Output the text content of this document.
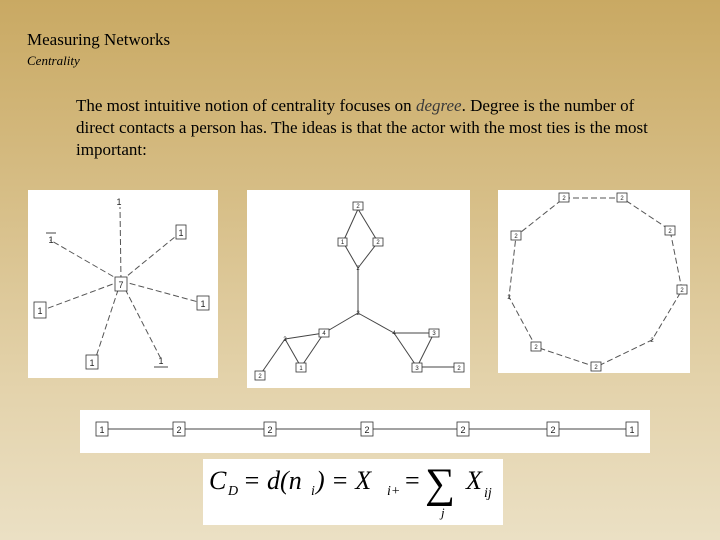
Measuring Networks
Centrality
The most intuitive notion of centrality focuses on degree. Degree is the number of direct contacts a person has. The ideas is that the actor with the most ties is the most important:
7
1
1
1
1
1
1	1
2
1	2
2
2
4
3
1
2
4	3
3	2
2	2
2
2
2
2
2
2
2
1	2	2	2	2	2	1
C D = d(n i ) = X i+ = ∑
j
X ij
